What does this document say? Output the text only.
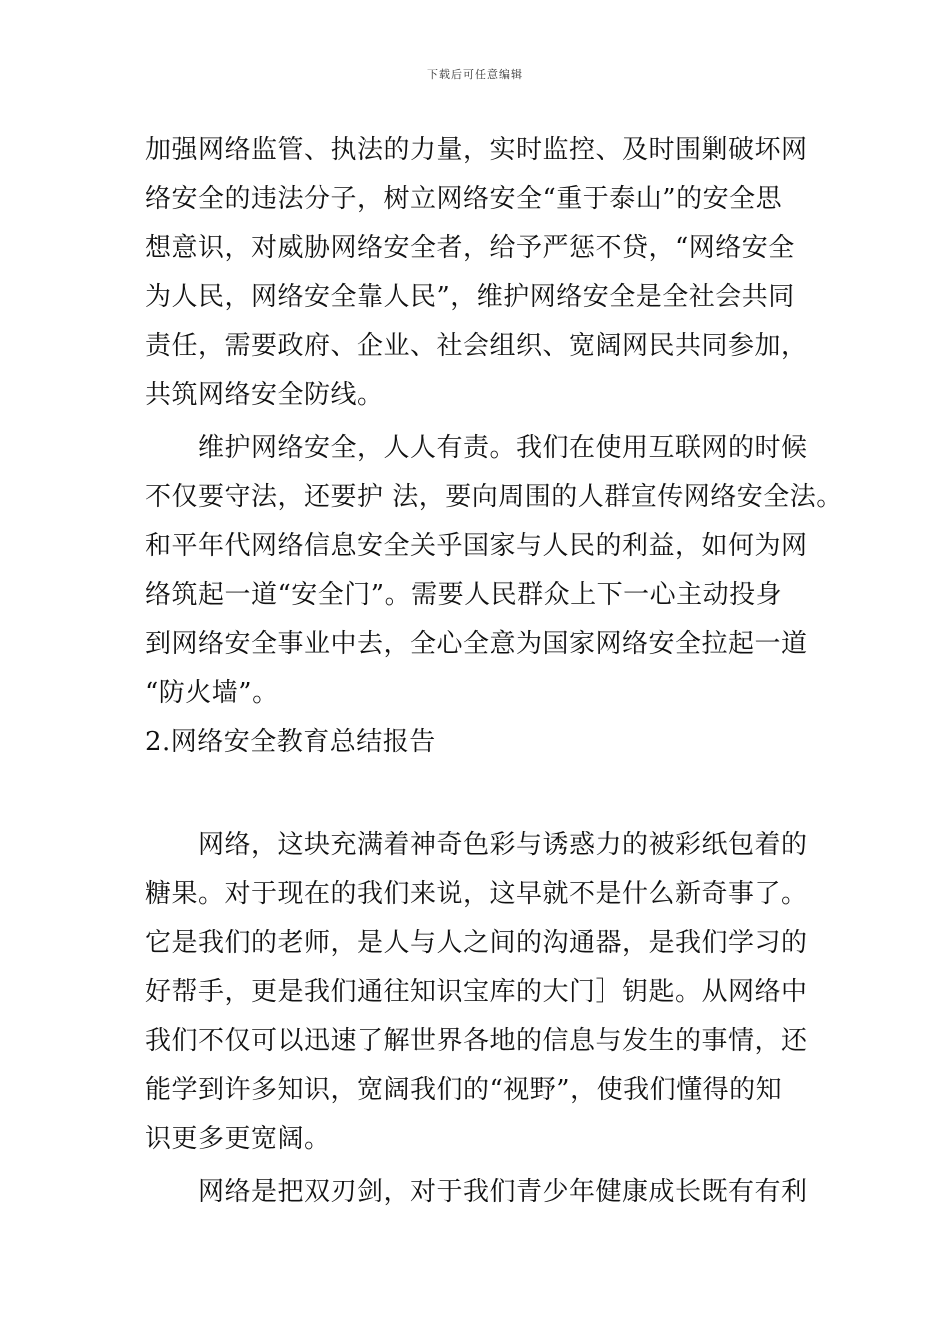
下载后可任意编辑
加强网络监管、执法的力量，实时监控、及时围剿破坏网
络安全的违法分子，树立网络安全“重于泰山”的安全思
想意识，对威胁网络安全者，给予严惩不贷，“网络安全
为人民，网络安全靠人民”，维护网络安全是全社会共同
责任，需要政府、企业、社会组织、宽阔网民共同参加，
共筑网络安全防线。
　　维护网络安全，人人有责。我们在使用互联网的时候
不仅要守法，还要护 法，要向周围的人群宣传网络安全法。
和平年代网络信息安全关乎国家与人民的利益，如何为网
络筑起一道“安全门”。需要人民群众上下一心主动投身
到网络安全事业中去，全心全意为国家网络安全拉起一道
“防火墙”。
2.网络安全教育总结报告
　　网络，这块充满着神奇色彩与诱惑力的被彩纸包着的
糖果。对于现在的我们来说，这早就不是什么新奇事了。
它是我们的老师，是人与人之间的沟通器，是我们学习的
好帮手，更是我们通往知识宝库的大门］钥匙。从网络中
我们不仅可以迅速了解世界各地的信息与发生的事情，还
能学到许多知识，宽阔我们的“视野”，使我们懂得的知
识更多更宽阔。
　　网络是把双刃剑，对于我们青少年健康成长既有有利
